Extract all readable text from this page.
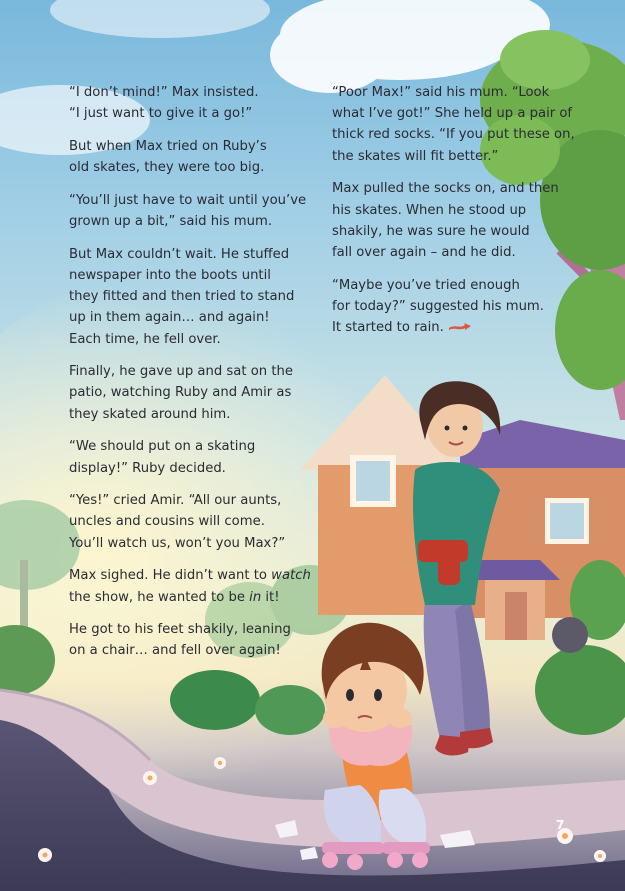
“I don’t mind!” Max insisted.
“I just want to give it a go!”

But when Max tried on Ruby’s
old skates, they were too big.

“You’ll just have to wait until you’ve
grown up a bit,” said his mum.

But Max couldn’t wait. He stuffed
newspaper into the boots until
they fitted and then tried to stand
up in them again… and again!
Each time, he fell over.

Finally, he gave up and sat on the
patio, watching Ruby and Amir as
they skated around him.

“We should put on a skating
display!” Ruby decided.

“Yes!” cried Amir. “All our aunts,
uncles and cousins will come.
You’ll watch us, won’t you Max?”

Max sighed. He didn’t want to watch
the show, he wanted to be in it!

He got to his feet shakily, leaning
on a chair… and fell over again!

“Poor Max!” said his mum. “Look
what I’ve got!” She held up a pair of
thick red socks. “If you put these on,
the skates will fit better.”

Max pulled the socks on, and then
his skates. When he stood up
shakily, he was sure he would
fall over again – and he did.

“Maybe you’ve tried enough
for today?” suggested his mum.
It started to rain.

7
